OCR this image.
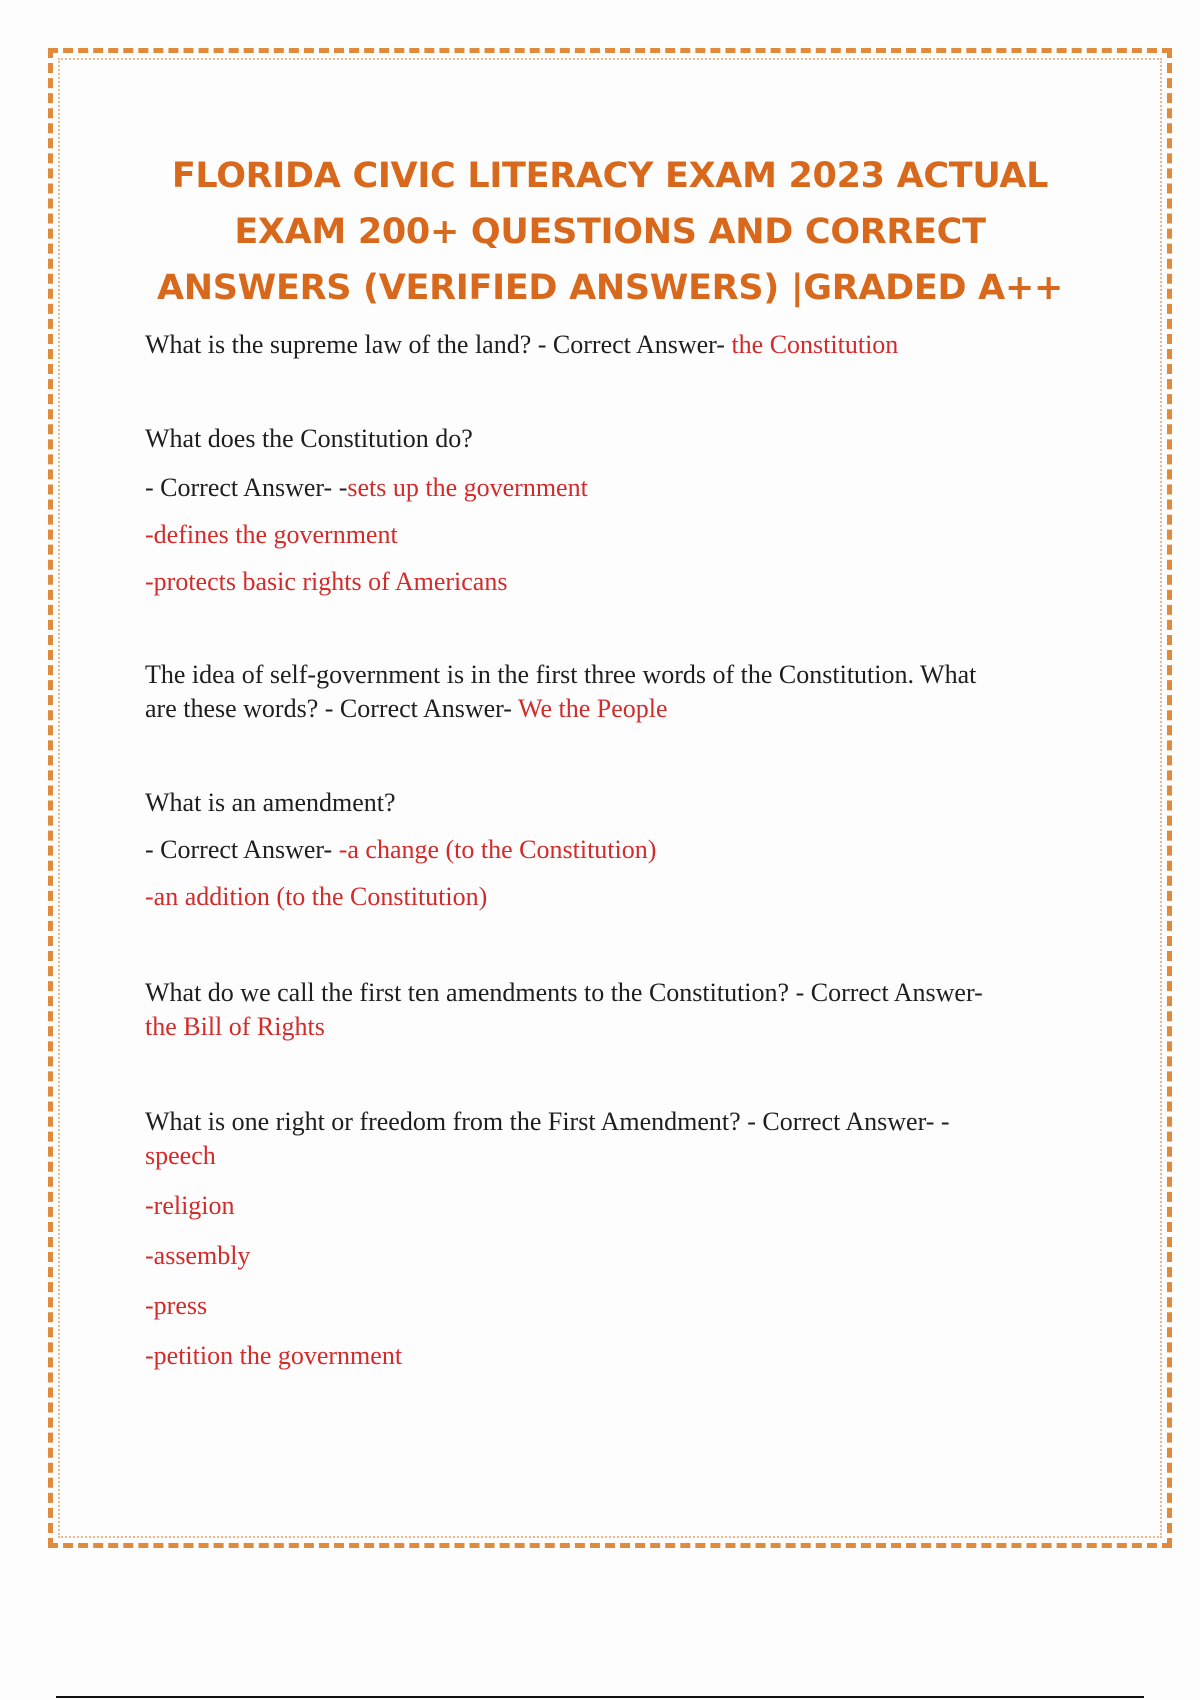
FLORIDA CIVIC LITERACY EXAM 2023 ACTUAL
EXAM 200+ QUESTIONS AND CORRECT
ANSWERS (VERIFIED ANSWERS) |GRADED A++

What is the supreme law of the land? - Correct Answer- the Constitution

What does the Constitution do?

- Correct Answer- -sets up the government

-defines the government

-protects basic rights of Americans

The idea of self-government is in the first three words of the Constitution. What

are these words? - Correct Answer- We the People

What is an amendment?

- Correct Answer- -a change (to the Constitution)

-an addition (to the Constitution)

What do we call the first ten amendments to the Constitution? - Correct Answer-

the Bill of Rights

What is one right or freedom from the First Amendment? - Correct Answer- -

speech

-religion

-assembly

-press

-petition the government
